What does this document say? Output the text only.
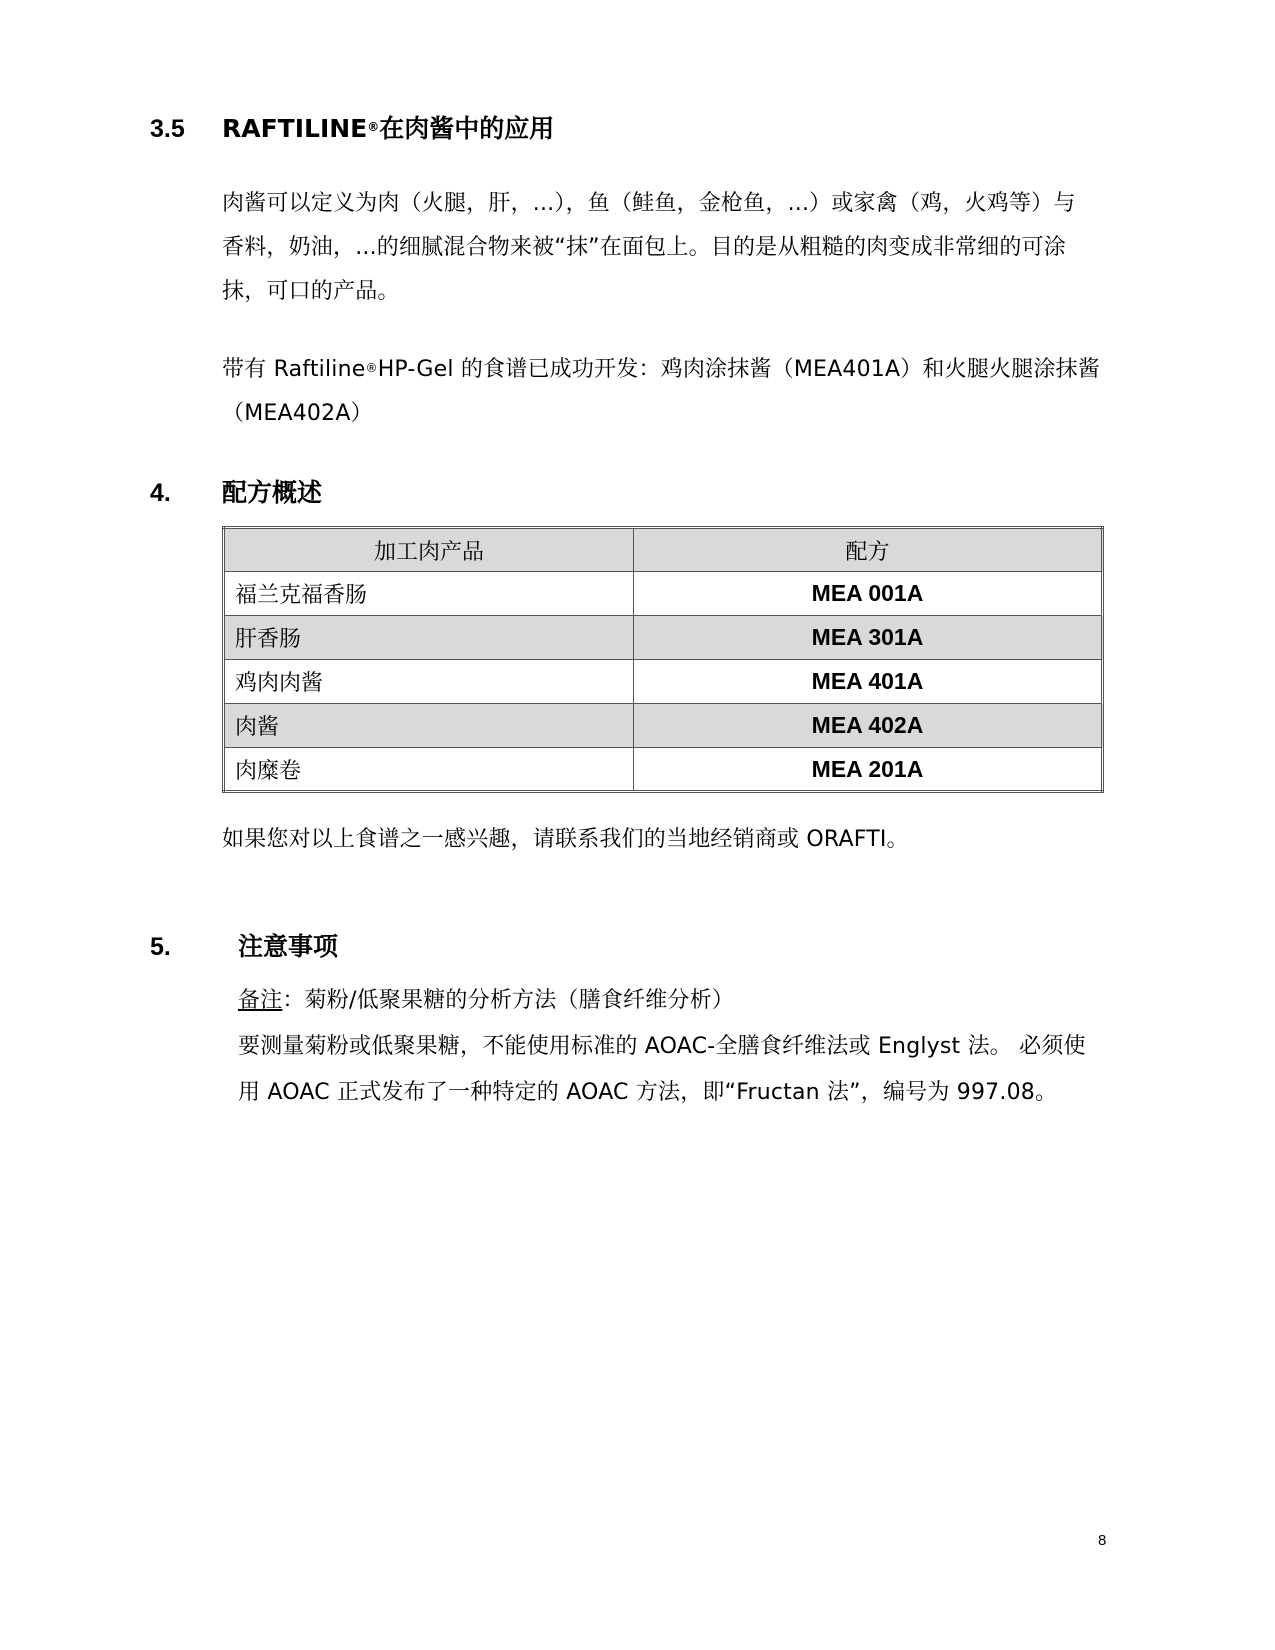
3.5 RAFTILINE®在肉酱中的应用

肉酱可以定义为肉（火腿，肝，...），鱼（鲑鱼，金枪鱼，...）或家禽（鸡，火鸡等）与

香料，奶油，...的细腻混合物来被“抹”在面包上。目的是从粗糙的肉变成非常细的可涂

抹，可口的产品。

带有 Raftiline®HP-Gel 的食谱已成功开发：鸡肉涂抹酱（MEA401A）和火腿火腿涂抹酱

（MEA402A）

4. 配方概述
加工肉产品	配方
福兰克福香肠	MEA 001A
肝香肠	MEA 301A
鸡肉肉酱	MEA 401A
肉酱	MEA 402A
肉糜卷	MEA 201A
如果您对以上食谱之一感兴趣，请联系我们的当地经销商或 ORAFTI。
5.	注意事项

备注：菊粉/低聚果糖的分析方法（膳食纤维分析）

要测量菊粉或低聚果糖，不能使用标准的 AOAC-全膳食纤维法或 Englyst 法。 必须使

用 AOAC 正式发布了一种特定的 AOAC 方法，即“Fructan 法”，编号为 997.08。

8
